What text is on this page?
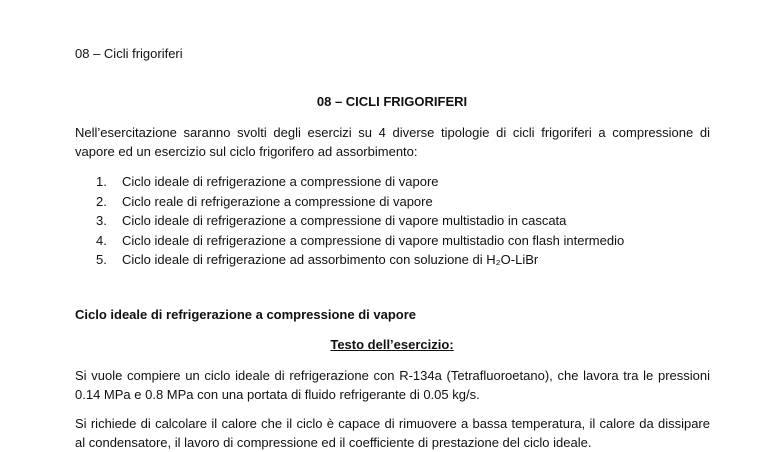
08 – Cicli frigoriferi
08 – CICLI FRIGORIFERI
Nell’esercitazione saranno svolti degli esercizi su 4 diverse tipologie di cicli frigoriferi a compressione di vapore ed un esercizio sul ciclo frigorifero ad assorbimento:
1. Ciclo ideale di refrigerazione a compressione di vapore
2. Ciclo reale di refrigerazione a compressione di vapore
3. Ciclo ideale di refrigerazione a compressione di vapore multistadio in cascata
4. Ciclo ideale di refrigerazione a compressione di vapore multistadio con flash intermedio
5. Ciclo ideale di refrigerazione ad assorbimento con soluzione di H₂O-LiBr
Ciclo ideale di refrigerazione a compressione di vapore
Testo dell’esercizio:
Si vuole compiere un ciclo ideale di refrigerazione con R-134a (Tetrafluoroetano), che lavora tra le pressioni 0.14 MPa e 0.8 MPa con una portata di fluido refrigerante di 0.05 kg/s.
Si richiede di calcolare il calore che il ciclo è capace di rimuovere a bassa temperatura, il calore da dissipare al condensatore, il lavoro di compressione ed il coefficiente di prestazione del ciclo ideale.
